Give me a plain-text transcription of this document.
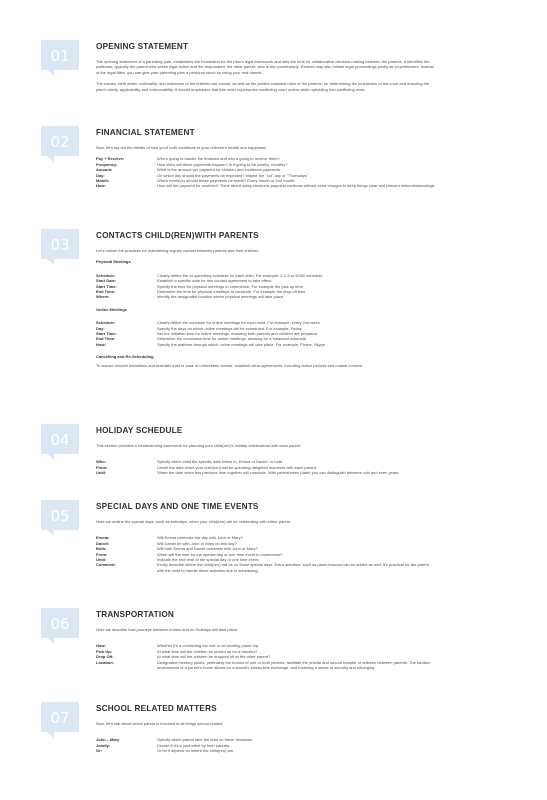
01
OPENING STATEMENT

The opening statement of a parenting plan, establishes the foundation for the plan's legal framework and sets the tone for collaborative decision-making between the parents. It identifies the petitioner, typically the parent who seeks legal action and the respondent, the other parent, who is the counterparty. Parents may also initiate legal proceedings jointly as co-petitioners. Instead of the legal titles, you can give your parenting plan a personal touch by using your real names.

The names, birth dates, nationality, and residence of the children are crucial, as well as the jointed custodial roles of the parents, for determining the jurisdiction of the court and ensuring the plan's clarity, applicability and enforceability. It should emphasize that this order supersedes conflicting court orders while upholding non-conflicting ones.

02
FINANCIAL STATEMENT

Now, let's lay out the details of how you'll both contribute to your children's health and happiness.

Pay + Receive:	Who's going to handle the finances and who's going to receive them?
Frequency:	How often will these payments happen? Is it going to be weekly, monthly?
Amount:	What is the amount per payment for children and incidental payments
Day:	On which day should the payments be expected? Maybe the "1st" day or "Thursdays"
Month:	Which month(s) should these payments be made? Every month or 2nd month.
How:	How will the payment be received? Think about using electronic payment methods without extra charges to keep things clear and prevent misunderstandings.
03
CONTACTS CHILD(REN)WITH PARENTS

Let's outline the practices for maintaining regular contact between parents and their children.

Physical Meetings
Schedule:	Clearly define the co-parenting schedule for each child. For example: 2-2-3 or 50/50 schedule.
Start Date:	Establish a specific date for this contact agreement to take effect.
Start Time:	Specify the time for physical meetings to commence. For example the pick up time
End Time:	Determine the time for physical meetings to conclude. For example the drop off time
Where:	Identify the designated location where physical meetings will take place
Online Meetings
Schedule:	Clearly define the schedule for online meetings for each child. For example: every 2nd week
Day:	Specify the days on which online meetings will be scheduled. For example: Friday
Start Time:	Set the initiation time for online meetings, ensuring both parents and children are prepared.
End Time:	Determine the conclusion time for online meetings, allowing for a balanced schedule.
How:	Specify the platform through which online meetings will take place. For example: Phone, Skype
Cancelling and Re-Scheduling

To ensure smooth transitions and maintain trust in case of unforeseen events, establish clear agreements, including notice periods and mutual consent

04
HOLIDAY SCHEDULE

This section provides a heartwarming framework for planning your child(ren)'s holiday celebrations with each parent.

Who:	Specify which child the specific date refers to, Emma or Daniel, or both.
From:	Unveil the date when your child(ren) will be spending delightful moments with each parent.
Until:	Share the date when this precious time together will conclude. With parentheses (date) you can distinguish between odd and even years.
05
SPECIAL DAYS AND ONE TIME EVENTS

Here we outline the special days, such as birthdays, when your child(ren) will be celebrating with either parent.

Emma:	Will Emma celebrate the day with John or Mary?
Daniel:	Will Daniel be with John or Mary on this day?
Both:	Will both Emma and Daniel celebrate with John or Mary?
From:	When will the time for the special day or one time event to commence?
Until:	Indicate the end time of the special day or one time event.
Comment:	Kindly describe where the child(ren) will be on those special days. Extra activities, such as piano lessons can be added as well. It's practical for the parent with the child to handle these activities due to scheduling.
06
TRANSPORTATION

Here we describe how journeys between homes and on Holidays will take place.

How:	Whether it's a comforting car ride or an exciting plane trip.
Pick Up:	At what time will the children be picked up for a transfer?
Drop Off:	At what time will the children be dropped off at the other parent?
Location:	Designated meeting points, preferably the homes of one or both parents, facilitate the private and secure transfer of children between parents. The familiar environment of a parent's home allows for a smooth, stress-free exchange, and fostering a sense of security and belonging.
07
SCHOOL RELATED MATTERS

Now, let's talk about which parent is involved in all things school-related

John – Mary	Specify which parent take the lead on these decisions.
Jointly:	Decide if it's a joint effort by both parents.
Or:	Or let it depend on where the child(ren) are.
